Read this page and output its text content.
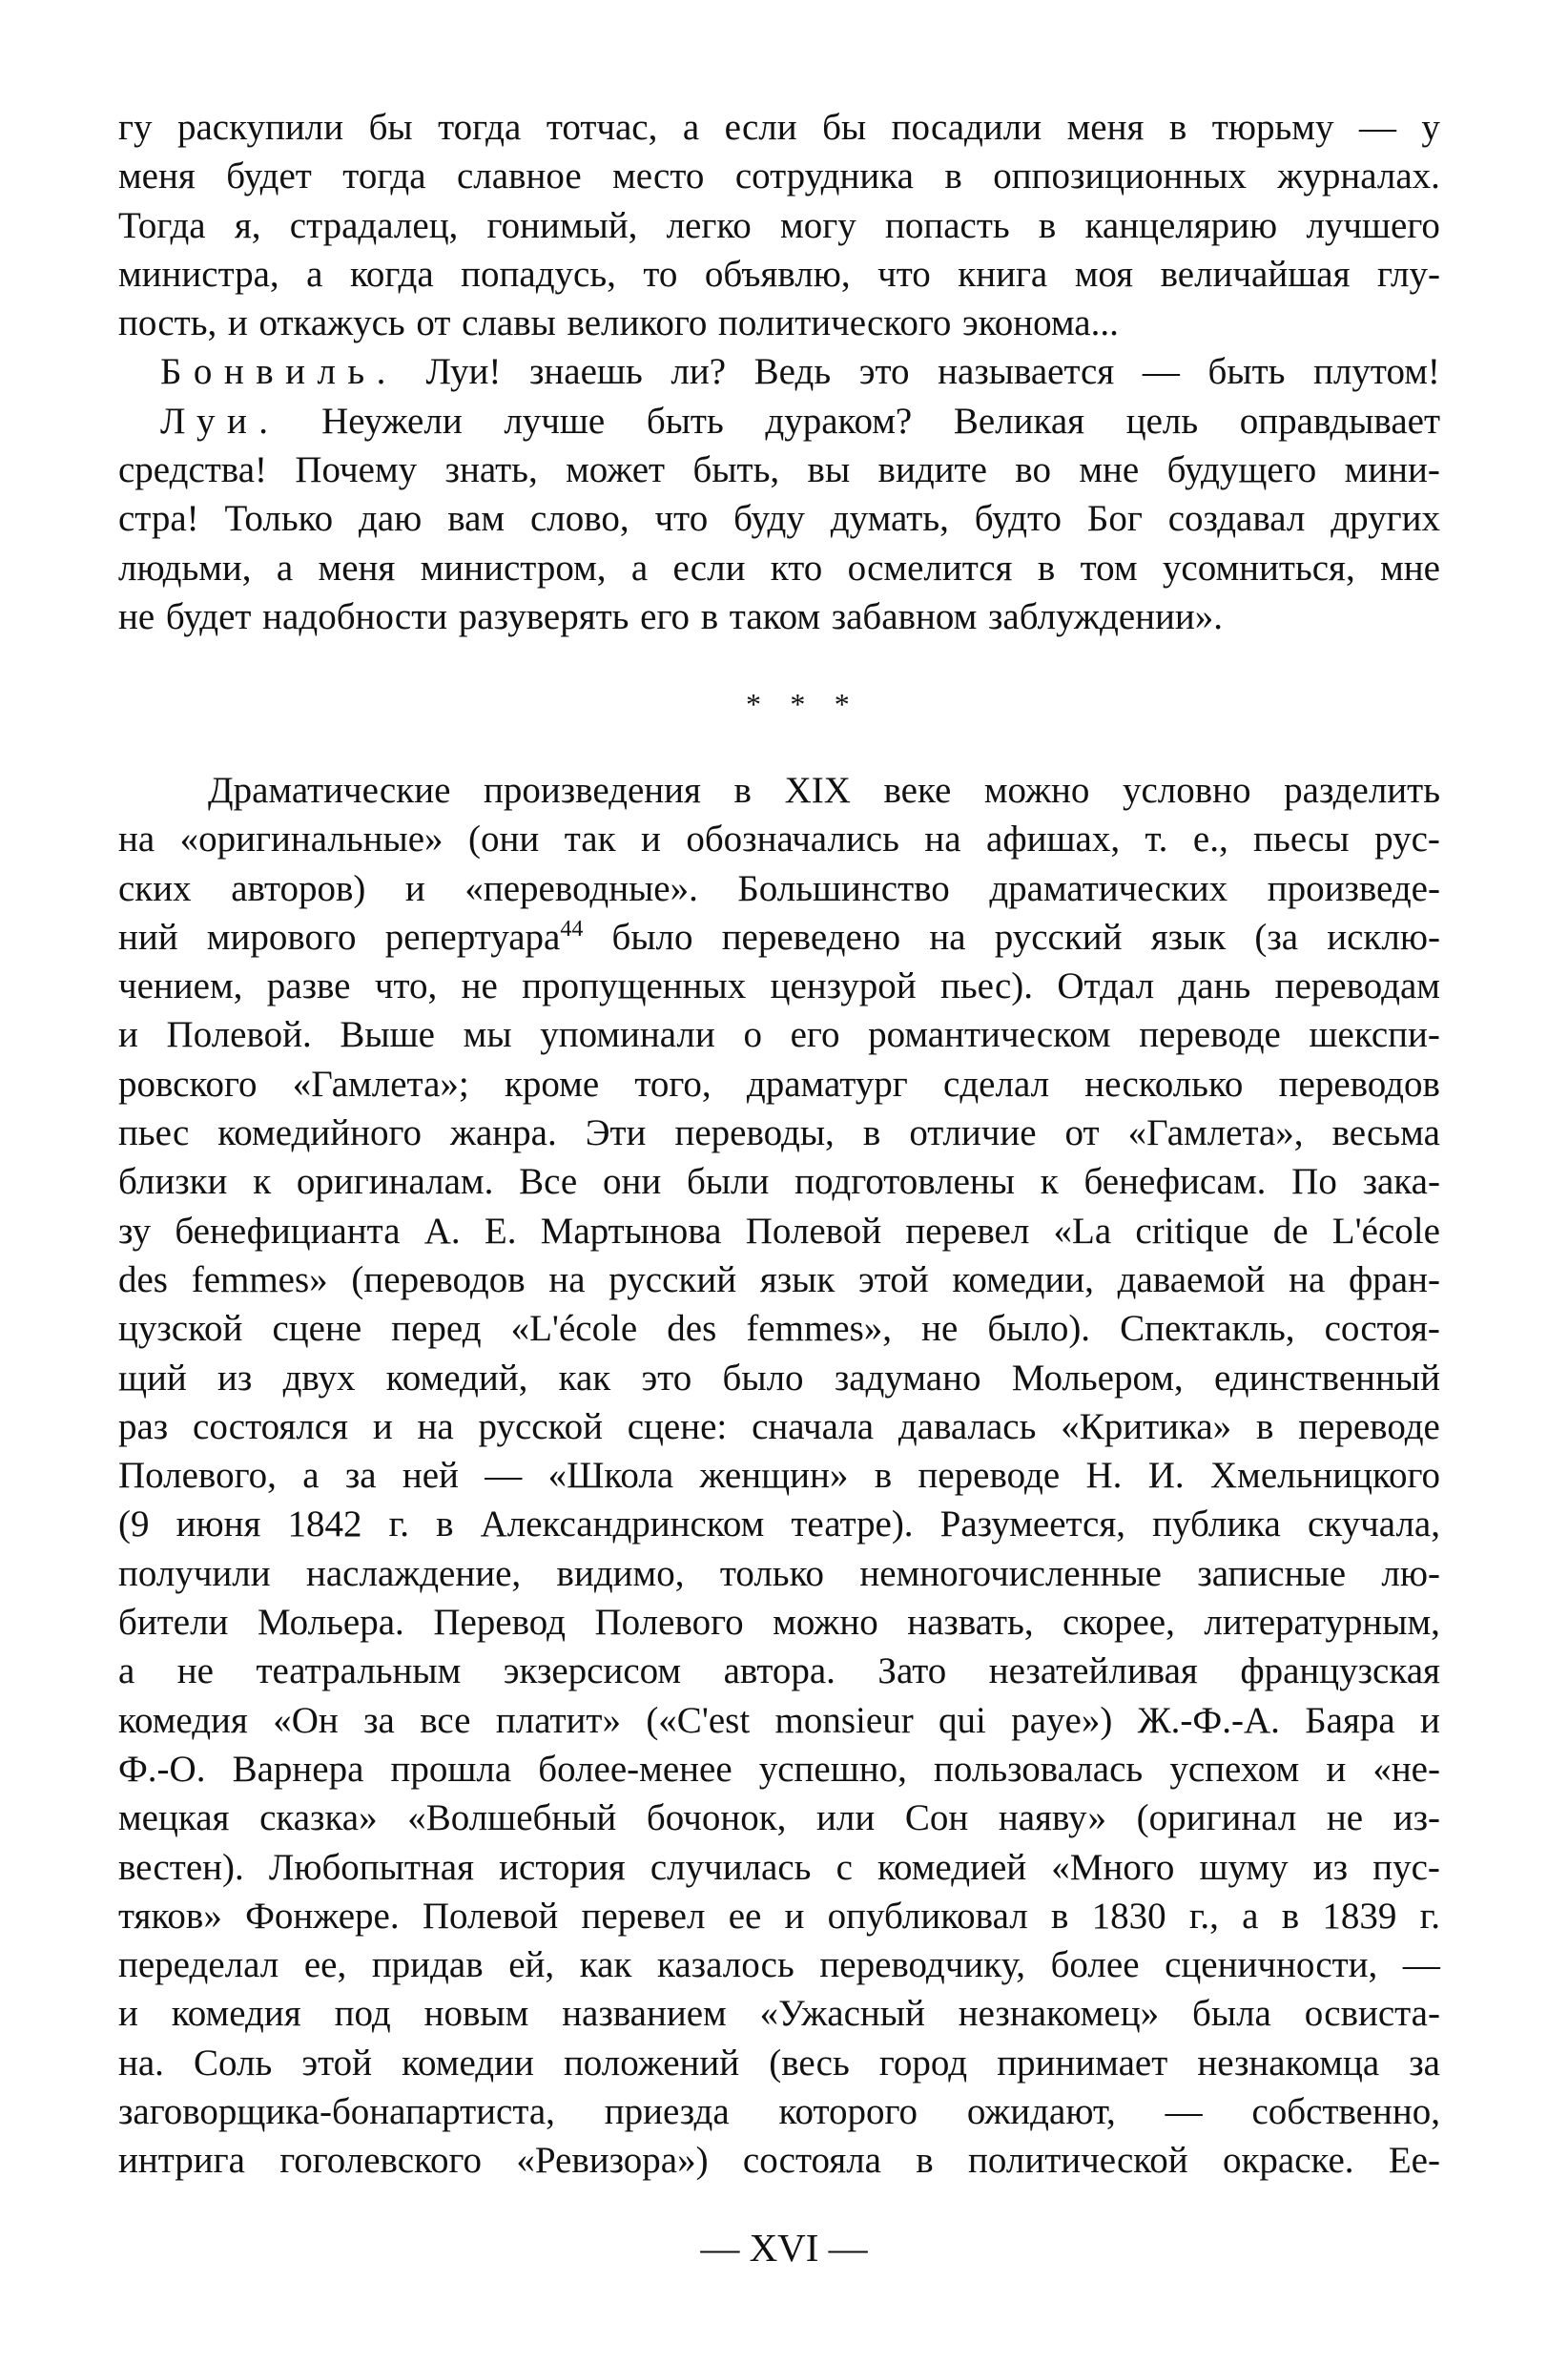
гу раскупили бы тогда тотчас, а если бы посадили меня в тюрьму — у
меня будет тогда славное место сотрудника в оппозиционных журналах.
Тогда я, страдалец, гонимый, легко могу попасть в канцелярию лучшего
министра, а когда попадусь, то объявлю, что книга моя величайшая глу-
пость, и откажусь от славы великого политического эконома...
Бонвиль. Луи! знаешь ли? Ведь это называется — быть плутом!
Луи. Неужели лучше быть дураком? Великая цель оправдывает
средства! Почему знать, может быть, вы видите во мне будущего мини-
стра! Только даю вам слово, что буду думать, будто Бог создавал других
людьми, а меня министром, а если кто осмелится в том усомниться, мне
не будет надобности разуверять его в таком забавном заблуждении».
* * *
Драматические произведения в XIX веке можно условно разделить
на «оригинальные» (они так и обозначались на афишах, т. е., пьесы рус-
ских авторов) и «переводные». Большинство драматических произведе-
ний мирового репертуара$^{44}$ было переведено на русский язык (за исклю-
чением, разве что, не пропущенных цензурой пьес). Отдал дань переводам
и Полевой. Выше мы упоминали о его романтическом переводе шекспи-
ровского «Гамлета»; кроме того, драматург сделал несколько переводов
пьес комедийного жанра. Эти переводы, в отличие от «Гамлета», весьма
близки к оригиналам. Все они были подготовлены к бенефисам. По зака-
зу бенефицианта А. Е. Мартынова Полевой перевел «La critique de L'école
des femmes» (переводов на русский язык этой комедии, даваемой на фран-
цузской сцене перед «L'école des femmes», не было). Спектакль, состоя-
щий из двух комедий, как это было задумано Мольером, единственный
раз состоялся и на русской сцене: сначала давалась «Критика» в переводе
Полевого, а за ней — «Школа женщин» в переводе Н. И. Хмельницкого
(9 июня 1842 г. в Александринском театре). Разумеется, публика скучала,
получили наслаждение, видимо, только немногочисленные записные лю-
бители Мольера. Перевод Полевого можно назвать, скорее, литературным,
а не театральным экзерсисом автора. Зато незатейливая французская
комедия «Он за все платит» («C'est monsieur qui paye») Ж.-Ф.-А. Баяра и
Ф.-О. Варнера прошла более-менее успешно, пользовалась успехом и «не-
мецкая сказка» «Волшебный бочонок, или Сон наяву» (оригинал не из-
вестен). Любопытная история случилась с комедией «Много шуму из пус-
тяков» Фонжере. Полевой перевел ее и опубликовал в 1830 г., а в 1839 г.
переделал ее, придав ей, как казалось переводчику, более сценичности, —
и комедия под новым названием «Ужасный незнакомец» была освиста-
на. Соль этой комедии положений (весь город принимает незнакомца за
заговорщика-бонапартиста, приезда которого ожидают, — собственно,
интрига гоголевского «Ревизора») состояла в политической окраске. Ее-
— XVI —
